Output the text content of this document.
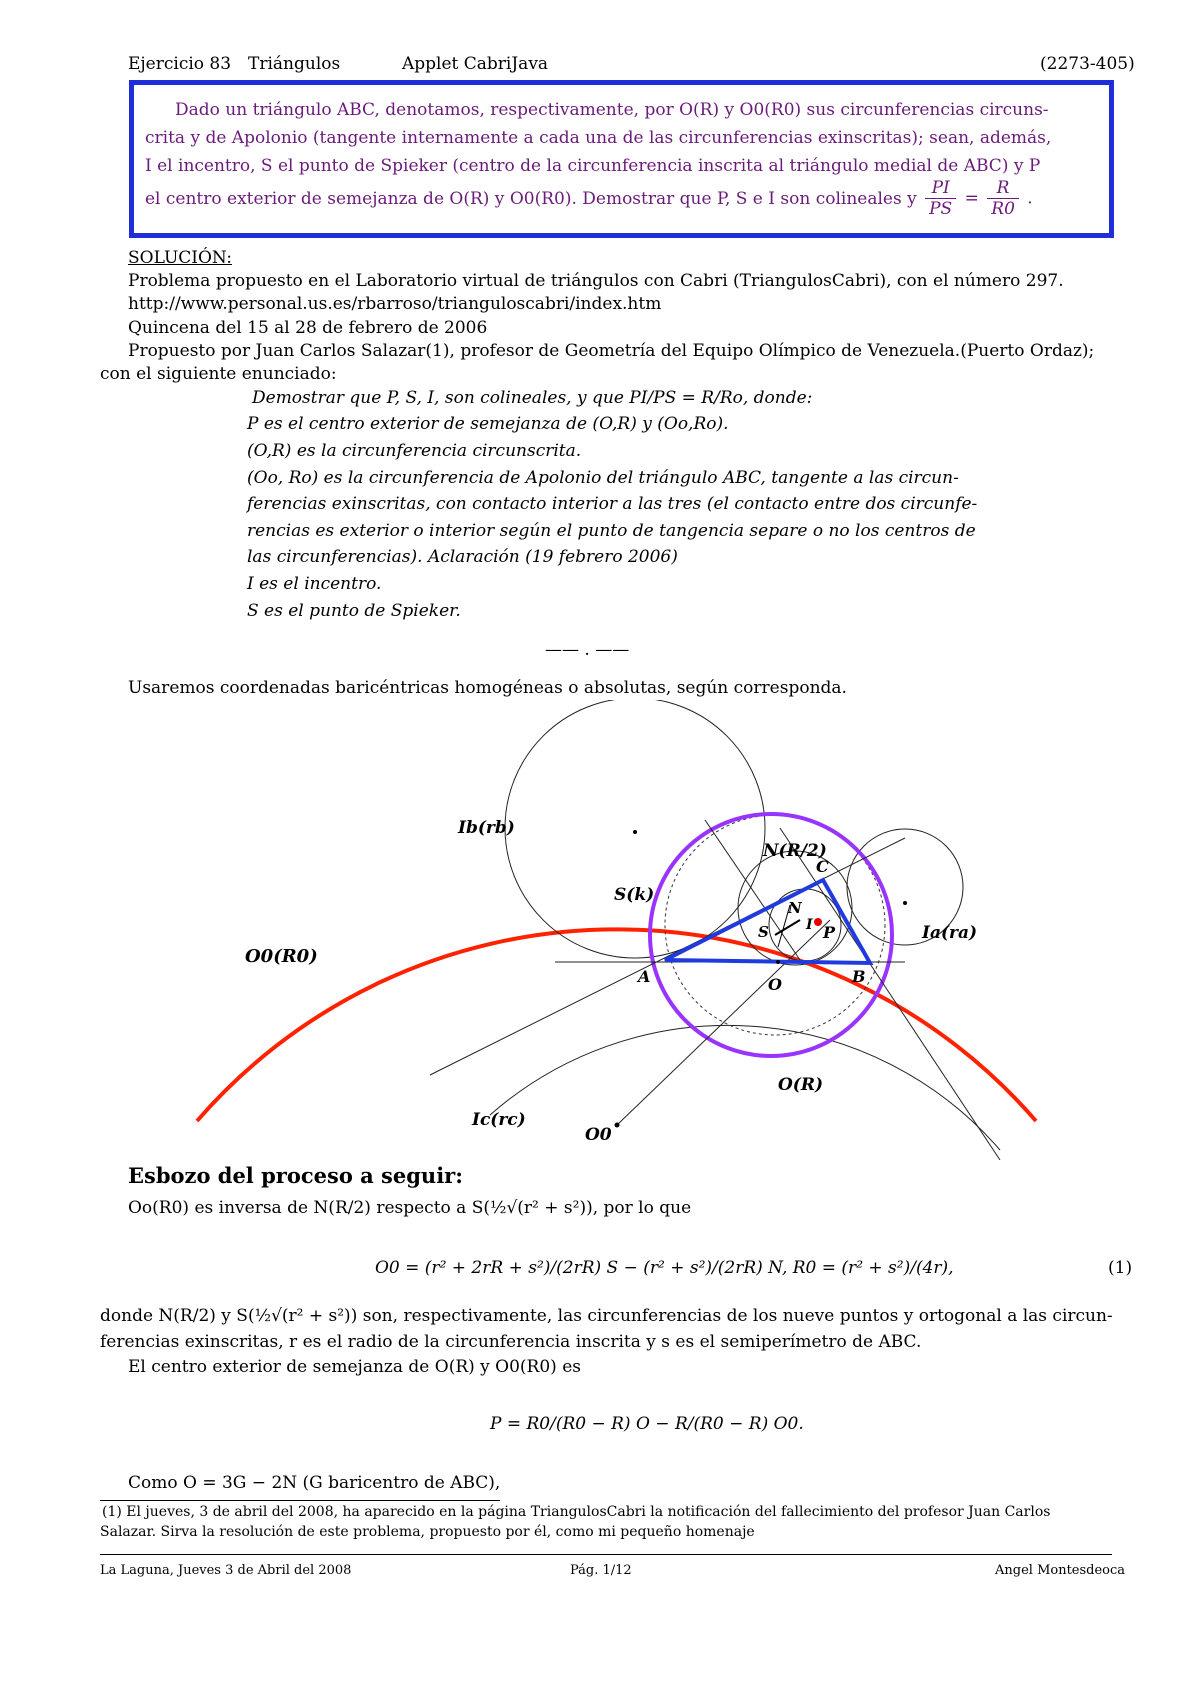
Ejercicio 83 Triángulos	Applet CabriJava	(2273-405)
Dado un triángulo ABC, denotamos, respectivamente, por O(R) y O0(R0) sus circunferencias circuns-
crita y de Apolonio (tangente internamente a cada una de las circunferencias exinscritas); sean, además,
I el incentro, S el punto de Spieker (centro de la circunferencia inscrita al triángulo medial de ABC) y P
el centro exterior de semejanza de O(R) y O0(R0). Demostrar que P, S e I son colineales y $\frac{PI}{PS} = \frac{R}{R0}$ .
SOLUCIÓN:
Problema propuesto en el Laboratorio virtual de triángulos con Cabri (TriangulosCabri), con el número 297.
http://www.personal.us.es/rbarroso/trianguloscabri/index.htm
Quincena del 15 al 28 de febrero de 2006
Propuesto por Juan Carlos Salazar(1), profesor de Geometría del Equipo Olímpico de Venezuela.(Puerto Ordaz);
con el siguiente enunciado:
Demostrar que P, S, I, son colineales, y que PI/PS = R/Ro, donde:
P es el centro exterior de semejanza de (O,R) y (Oo,Ro).
(O,R) es la circunferencia circunscrita.
(Oo, Ro) es la circunferencia de Apolonio del triángulo ABC, tangente a las circun-
ferencias exinscritas, con contacto interior a las tres (el contacto entre dos circunfe-
rencias es exterior o interior según el punto de tangencia separe o no los centros de
las circunferencias). Aclaración (19 febrero 2006)
I es el incentro.
S es el punto de Spieker.
—— . ——
Usaremos coordenadas baricéntricas homogéneas o absolutas, según corresponda.
Ib(rb)
N(R/2)
C
S(k)
N
S	I P	Ia(ra)
O0(R0)
A	B
O
O(R)
Ic(rc)
O0
Esbozo del proceso a seguir:
Oo(R0) es inversa de N(R/2) respecto a S(½√(r² + s²)), por lo que
O0 = (r² + 2rR + s²)/(2rR) S − (r² + s²)/(2rR) N, R0 = (r² + s²)/(4r),	(1)
donde N(R/2) y S(½√(r² + s²)) son, respectivamente, las circunferencias de los nueve puntos y ortogonal a las circun-
ferencias exinscritas, r es el radio de la circunferencia inscrita y s es el semiperímetro de ABC.
El centro exterior de semejanza de O(R) y O0(R0) es
P = R0/(R0 − R) O − R/(R0 − R) O0.
Como O = 3G − 2N (G baricentro de ABC),
(1) El jueves, 3 de abril del 2008, ha aparecido en la página TriangulosCabri la notificación del fallecimiento del profesor Juan Carlos
Salazar. Sirva la resolución de este problema, propuesto por él, como mi pequeño homenaje
La Laguna, Jueves 3 de Abril del 2008	Pág. 1/12	Angel Montesdeoca
